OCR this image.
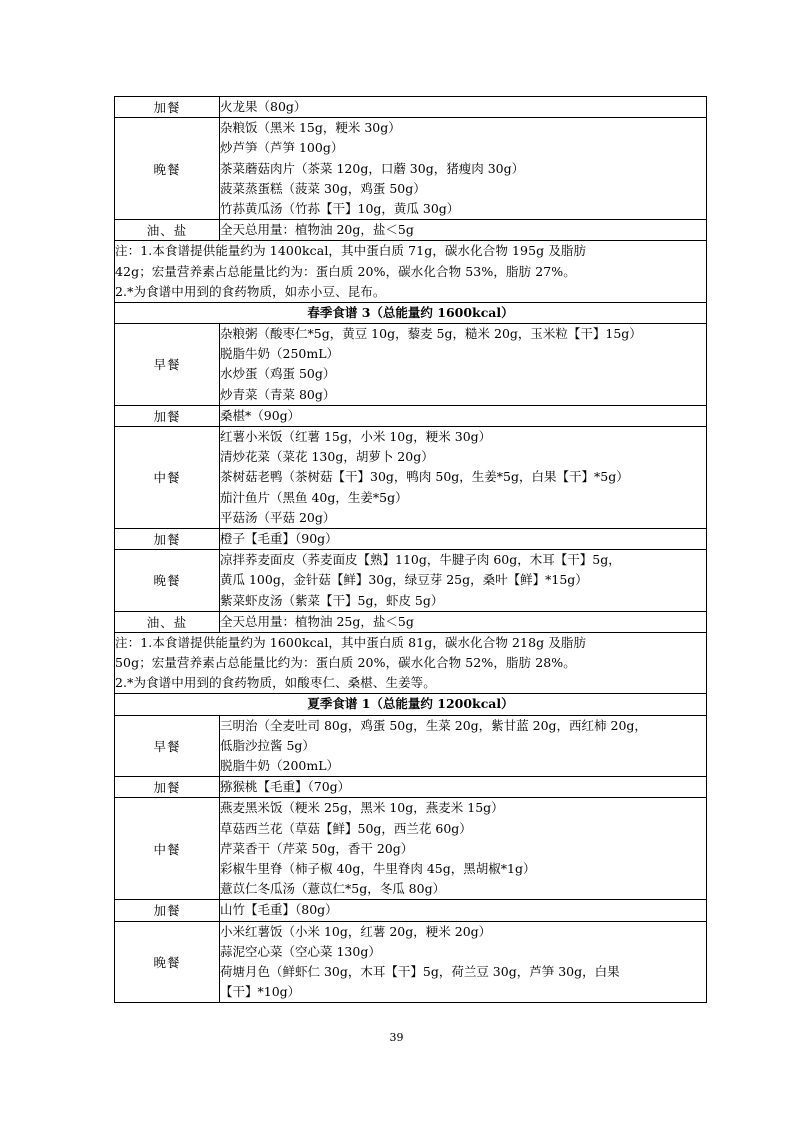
加餐	火龙果（80g）

晚餐	杂粮饭（黑米 15g，粳米 30g）
炒芦笋（芦笋 100g）
茶菜蘑菇肉片（茶菜 120g，口蘑 30g，猪瘦肉 30g）
菠菜蒸蛋糕（菠菜 30g，鸡蛋 50g）
竹荪黄瓜汤（竹荪【干】10g，黄瓜 30g）

油、盐	全天总用量：植物油 20g，盐＜5g

注：1.本食谱提供能量约为 1400kcal，其中蛋白质 71g，碳水化合物 195g 及脂肪
42g；宏量营养素占总能量比约为：蛋白质 20%，碳水化合物 53%，脂肪 27%。
2.*为食谱中用到的食药物质，如赤小豆、昆布。	

春季食谱 3（总能量约 1600kcal）	
早餐	杂粮粥（酸枣仁*5g，黄豆 10g，藜麦 5g，糙米 20g，玉米粒【干】15g）
脱脂牛奶（250mL）
水炒蛋（鸡蛋 50g）
炒青菜（青菜 80g）

加餐	桑椹*（90g）

中餐	红薯小米饭（红薯 15g，小米 10g，粳米 30g）
清炒花菜（菜花 130g，胡萝卜 20g）
茶树菇老鸭（茶树菇【干】30g，鸭肉 50g，生姜*5g，白果【干】*5g）
茄汁鱼片（黑鱼 40g，生姜*5g）
平菇汤（平菇 20g）

加餐	橙子【毛重】（90g）

晚餐	凉拌荞麦面皮（荞麦面皮【熟】110g，牛腱子肉 60g，木耳【干】5g，
黄瓜 100g，金针菇【鲜】30g，绿豆芽 25g，桑叶【鲜】*15g）
紫菜虾皮汤（紫菜【干】5g，虾皮 5g）

油、盐	全天总用量：植物油 25g，盐＜5g

注：1.本食谱提供能量约为 1600kcal，其中蛋白质 81g，碳水化合物 218g 及脂肪
50g；宏量营养素占总能量比约为：蛋白质 20%，碳水化合物 52%，脂肪 28%。
2.*为食谱中用到的食药物质，如酸枣仁、桑椹、生姜等。	

夏季食谱 1（总能量约 1200kcal）	
早餐	三明治（全麦吐司 80g，鸡蛋 50g，生菜 20g，紫甘蓝 20g，西红柿 20g，
低脂沙拉酱 5g）
脱脂牛奶（200mL）

加餐	猕猴桃【毛重】（70g）

中餐	燕麦黑米饭（粳米 25g，黑米 10g，燕麦米 15g）
草菇西兰花（草菇【鲜】50g，西兰花 60g）
芹菜香干（芹菜 50g，香干 20g）
彩椒牛里脊（柿子椒 40g，牛里脊肉 45g，黑胡椒*1g）
薏苡仁冬瓜汤（薏苡仁*5g，冬瓜 80g）

加餐	山竹【毛重】（80g）

晚餐	小米红薯饭（小米 10g，红薯 20g，粳米 20g）
蒜泥空心菜（空心菜 130g）
荷塘月色（鲜虾仁 30g，木耳【干】5g，荷兰豆 30g，芦笋 30g，白果
【干】*10g）
39
